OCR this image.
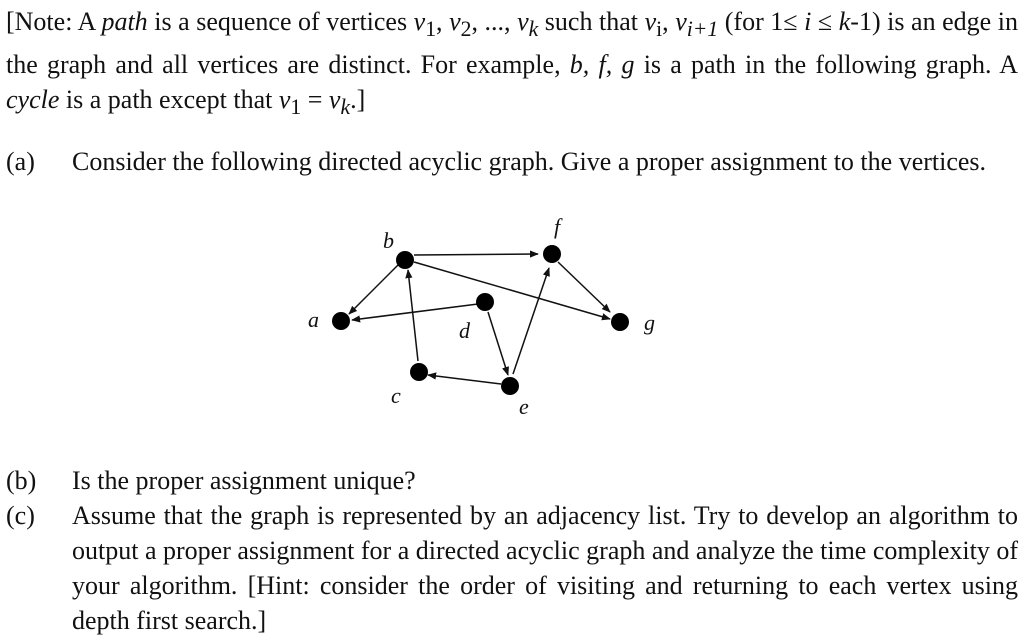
[Note: A path is a sequence of vertices $v_1$, $v_2$, ..., $v_k$ such that $v_i$, $v_{i+1}$ (for 1≤ i ≤ k-1) is an edge in the graph and all vertices are distinct. For example, b, f, g is a path in the following graph. A cycle is a path except that $v_1 = v_k$.]
(a) Consider the following directed acyclic graph. Give a proper assignment to the vertices.
a
b
c
d
e
f
g
(b) Is the proper assignment unique?
(c) Assume that the graph is represented by an adjacency list. Try to develop an algorithm to output a proper assignment for a directed acyclic graph and analyze the time complexity of your algorithm. [Hint: consider the order of visiting and returning to each vertex using depth first search.]
